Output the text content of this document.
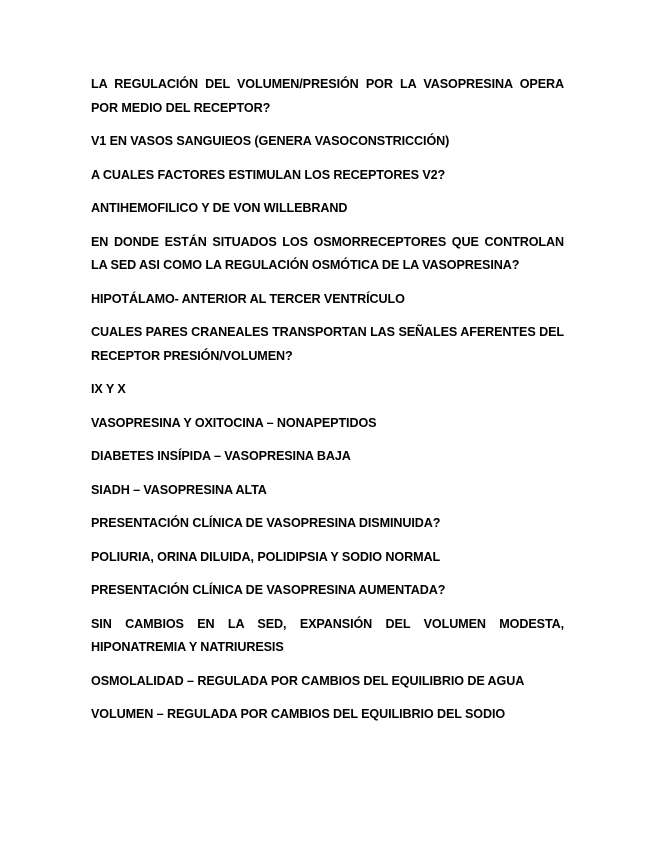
LA REGULACIÓN DEL VOLUMEN/PRESIÓN POR LA VASOPRESINA OPERA POR MEDIO DEL RECEPTOR?

V1 EN VASOS SANGUIEOS (GENERA VASOCONSTRICCIÓN)

A CUALES FACTORES ESTIMULAN LOS RECEPTORES V2?

ANTIHEMOFILICO Y DE VON WILLEBRAND

EN DONDE ESTÁN SITUADOS LOS OSMORRECEPTORES QUE CONTROLAN LA SED ASI COMO LA REGULACIÓN OSMÓTICA DE LA VASOPRESINA?

HIPOTÁLAMO- ANTERIOR AL TERCER VENTRÍCULO

CUALES PARES CRANEALES TRANSPORTAN LAS SEÑALES AFERENTES DEL RECEPTOR PRESIÓN/VOLUMEN?

IX Y X

VASOPRESINA Y OXITOCINA – NONAPEPTIDOS

DIABETES INSÍPIDA – VASOPRESINA BAJA

SIADH – VASOPRESINA ALTA

PRESENTACIÓN CLÍNICA DE VASOPRESINA DISMINUIDA?

POLIURIA, ORINA DILUIDA, POLIDIPSIA Y SODIO NORMAL

PRESENTACIÓN CLÍNICA DE VASOPRESINA AUMENTADA?

SIN CAMBIOS EN LA SED, EXPANSIÓN DEL VOLUMEN MODESTA, HIPONATREMIA Y NATRIURESIS

OSMOLALIDAD – REGULADA POR CAMBIOS DEL EQUILIBRIO DE AGUA

VOLUMEN – REGULADA POR CAMBIOS DEL EQUILIBRIO DEL SODIO
